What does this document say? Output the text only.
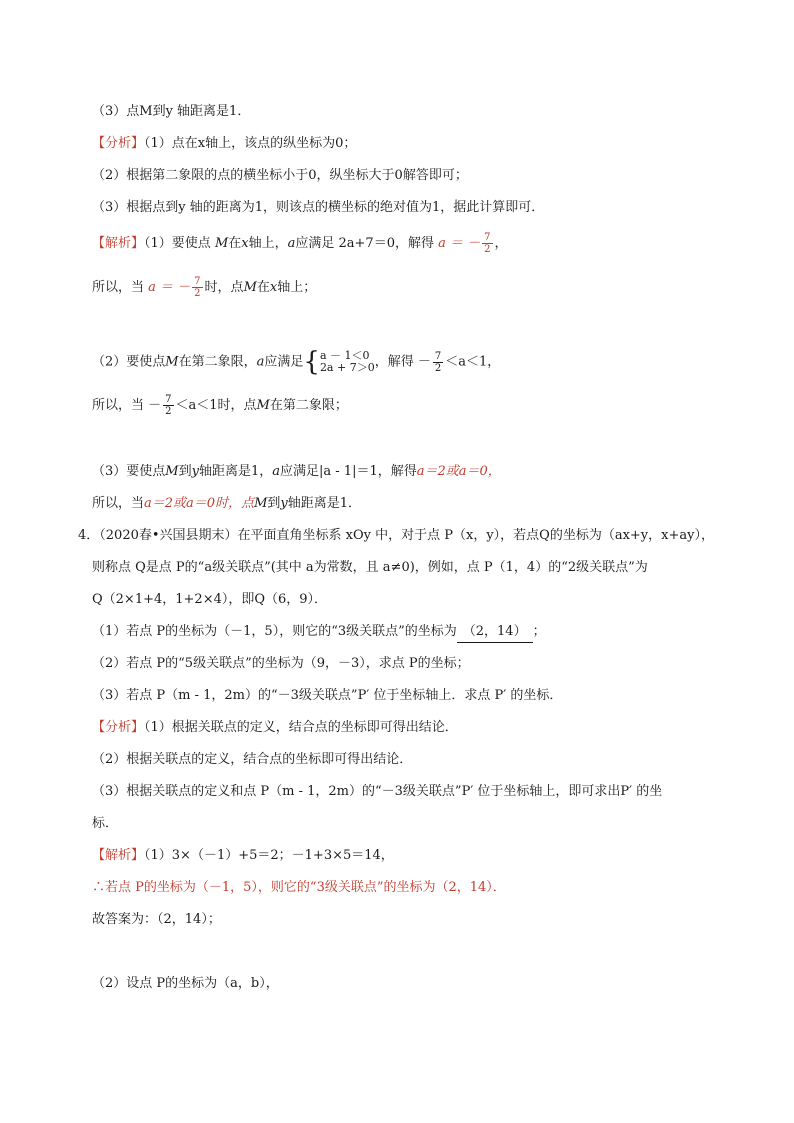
（3）点M到y 轴距离是1．
【分析】（1）点在x轴上，该点的纵坐标为0；
（2）根据第二象限的点的横坐标小于0，纵坐标大于0解答即可；
（3）根据点到y 轴的距离为1，则该点的横坐标的绝对值为1，据此计算即可．
【解析】（1）要使点 M在x轴上，a应满足 2a+7＝0，解得 a ＝ － $\frac{7}{2}$ ，
所以，当 a ＝ － $\frac{7}{2}$ 时，点M在x轴上；
（2）要使点M在第二象限，a应满足{ a － 1＜0
2a + 7＞0 ，解得 － $\frac{7}{2} <a<1$，
所以，当 － $\frac{7}{2} <a<1$时，点M在第二象限；
（3）要使点M到y轴距离是1，a应满足|a - 1|＝1，解得a＝2或a＝0，
所以，当a＝2或a＝0时，点M到y轴距离是1．
4．（2020春•兴国县期末）在平面直角坐标系 xOy 中，对于点 P（x，y），若点Q的坐标为（ax+y，x+ay），
则称点 Q是点 P的“a级关联点”(其中 a为常数，且 a≠0)，例如，点 P（1，4）的“2级关联点”为
Q（2×1+4，1+2×4），即Q（6，9）．
（1）若点 P的坐标为（－1，5），则它的“3级关联点”的坐标为 （2，14） ；
（2）若点 P的“5级关联点”的坐标为（9，－3），求点 P的坐标；
（3）若点 P（m - 1，2m）的“－3级关联点”P′ 位于坐标轴上．求点 P′ 的坐标．
【分析】（1）根据关联点的定义，结合点的坐标即可得出结论．
（2）根据关联点的定义，结合点的坐标即可得出结论．
（3）根据关联点的定义和点 P（m - 1，2m）的“－3级关联点”P′ 位于坐标轴上，即可求出P′ 的坐
标．
【解析】（1）3×（－1）+5＝2；－1+3×5＝14，
∴若点 P的坐标为（－1，5），则它的“3级关联点”的坐标为（2，14）．
故答案为：（2，14）；
（2）设点 P的坐标为（a，b），
